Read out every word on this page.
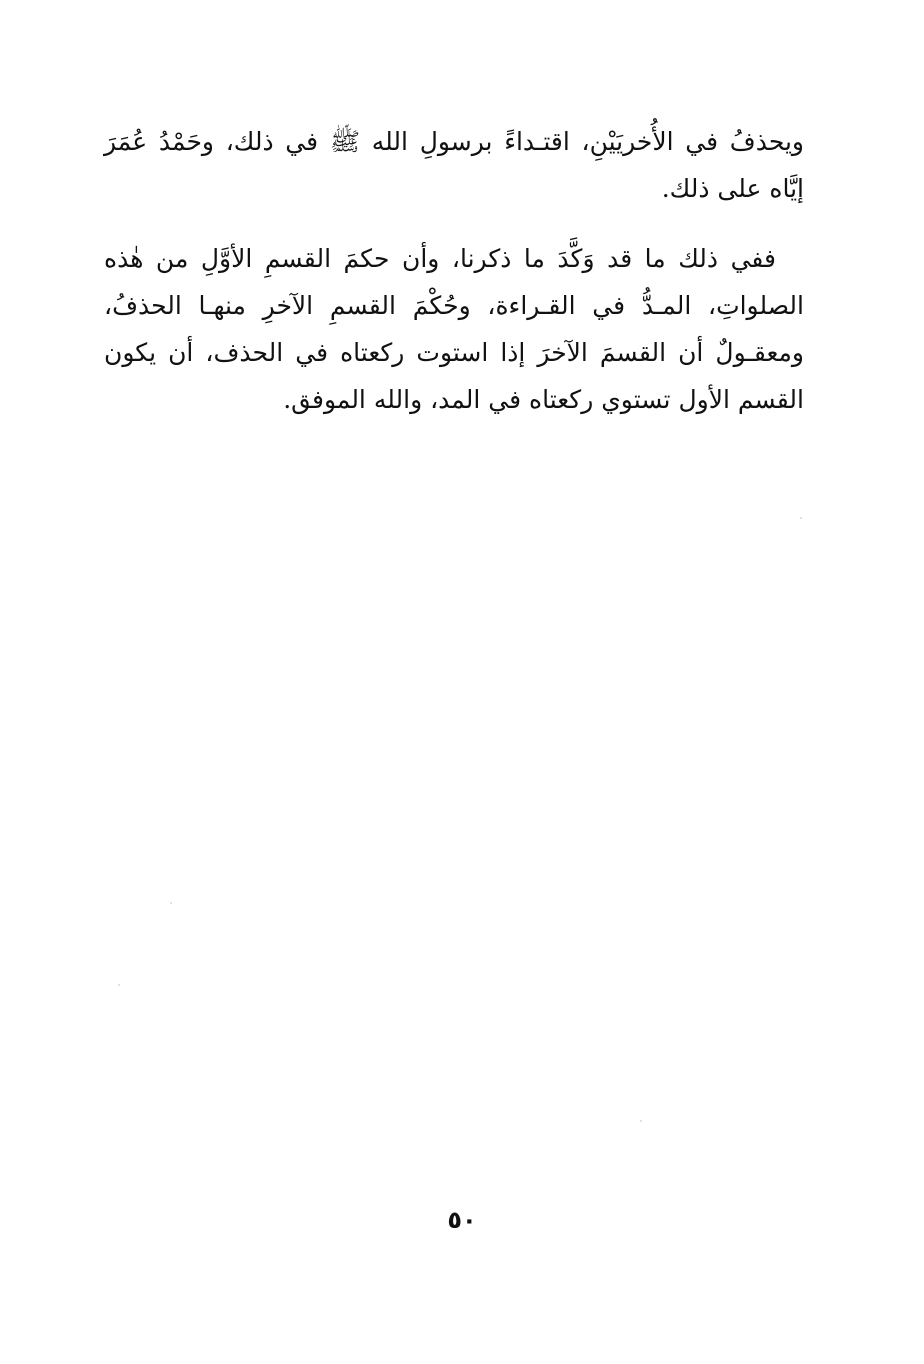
ويحذفُ في الأُخريَيْنِ، اقتـداءً برسولِ الله ﷺ في ذلك، وحَمْدُ عُمَرَ
إيَّاه على ذلك.
ففي ذلك ما قد وَكَّدَ ما ذكرنا، وأن حكمَ القسمِ الأوَّلِ من هٰذه
الصلواتِ، المـدُّ في القـراءة، وحُكْمَ القسمِ الآخرِ منهـا الحذفُ،
ومعقـولٌ أن القسمَ الآخرَ إذا استوت ركعتاه في الحذف، أن يكون
القسم الأول تستوي ركعتاه في المد، والله الموفق.
٥٠
